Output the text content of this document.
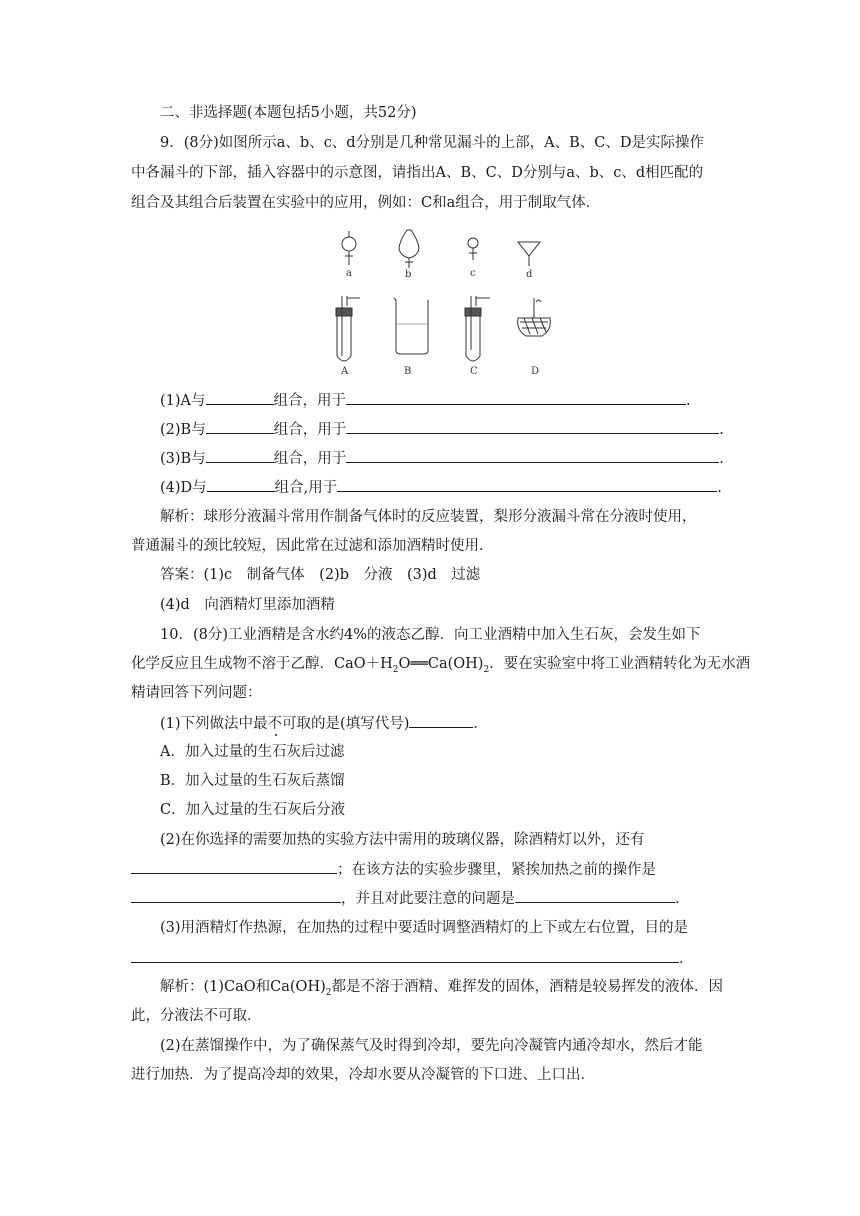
二、非选择题(本题包括5小题，共52分)
9．(8分)如图所示a、b、c、d分别是几种常见漏斗的上部，A、B、C、D是实际操作
中各漏斗的下部，插入容器中的示意图，请指出A、B、C、D分别与a、b、c、d相匹配的
组合及其组合后装置在实验中的应用，例如：C和a组合，用于制取气体．
a	b	c	d
A	B	C	D
(1)A与	组合，用于	.
(2)B与	组合，用于	.
(3)B与	组合，用于	.
(4)D与	组合,用于	.
解析：球形分液漏斗常用作制备气体时的反应装置，梨形分液漏斗常在分液时使用，
普通漏斗的颈比较短，因此常在过滤和添加酒精时使用．
答案：(1)c　制备气体　(2)b　分液　(3)d　过滤
(4)d　向酒精灯里添加酒精
10．(8分)工业酒精是含水约4%的液态乙醇．向工业酒精中加入生石灰，会发生如下
化学反应且生成物不溶于乙醇．$CaO+H_2O══Ca(OH)_2$．要在实验室中将工业酒精转化为无水酒
精请回答下列问题：
(1)下列做法中最不可取的是(填写代号)	．
A．加入过量的生石灰后过滤
B．加入过量的生石灰后蒸馏
C．加入过量的生石灰后分液
(2)在你选择的需要加热的实验方法中需用的玻璃仪器，除酒精灯以外，还有
；在该方法的实验步骤里，紧挨加热之前的操作是
，并且对此要注意的问题是	．
(3)用酒精灯作热源，在加热的过程中要适时调整酒精灯的上下或左右位置，目的是
．
解析：(1)CaO和$Ca(OH)_2$都是不溶于酒精、难挥发的固体，酒精是较易挥发的液体．因
此，分液法不可取．
(2)在蒸馏操作中，为了确保蒸气及时得到冷却，要先向冷凝管内通冷却水，然后才能
进行加热．为了提高冷却的效果，冷却水要从冷凝管的下口进、上口出．
